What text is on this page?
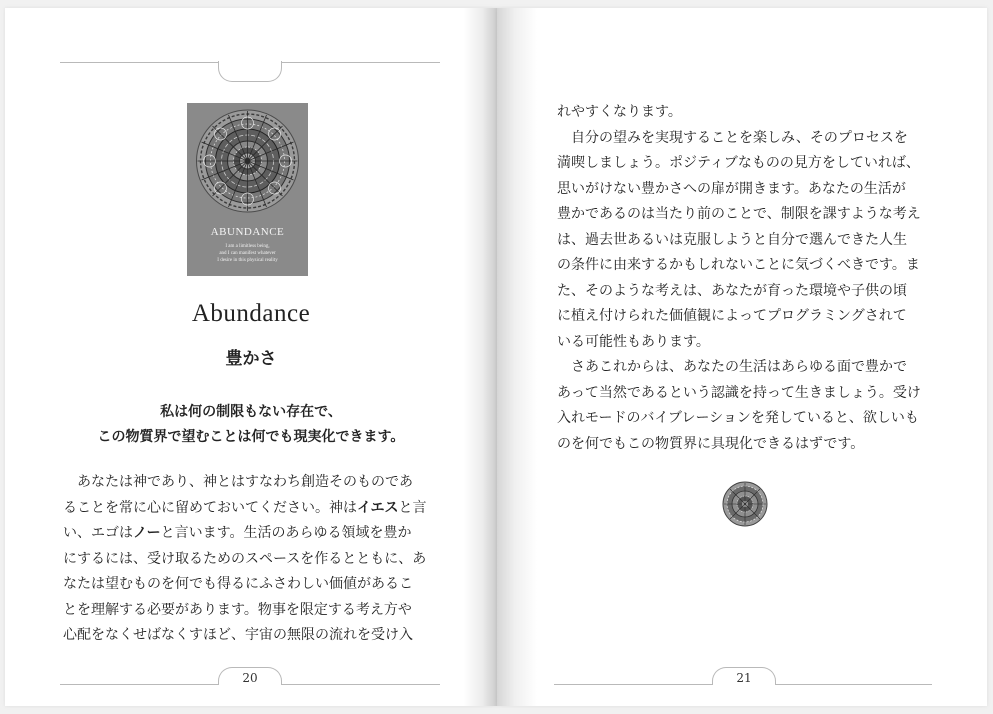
ABUNDANCE
I am a limitless being,
and I can manifest whatever
I desire in this physical reality
Abundance
豊かさ
私は何の制限もない存在で、
この物質界で望むことは何でも現実化できます。
　あなたは神であり、神とはすなわち創造そのものであ
ることを常に心に留めておいてください。神はイエスと言
い、エゴはノーと言います。生活のあらゆる領域を豊か
にするには、受け取るためのスペースを作るとともに、あ
なたは望むものを何でも得るにふさわしい価値があるこ
とを理解する必要があります。物事を限定する考え方や
心配をなくせばなくすほど、宇宙の無限の流れを受け入
20
れやすくなります。
　自分の望みを実現することを楽しみ、そのプロセスを
満喫しましょう。ポジティブなものの見方をしていれば、
思いがけない豊かさへの扉が開きます。あなたの生活が
豊かであるのは当たり前のことで、制限を課すような考え
は、過去世あるいは克服しようと自分で選んできた人生
の条件に由来するかもしれないことに気づくべきです。ま
た、そのような考えは、あなたが育った環境や子供の頃
に植え付けられた価値観によってプログラミングされて
いる可能性もあります。
　さあこれからは、あなたの生活はあらゆる面で豊かで
あって当然であるという認識を持って生きましょう。受け
入れモードのバイブレーションを発していると、欲しいも
のを何でもこの物質界に具現化できるはずです。
21
